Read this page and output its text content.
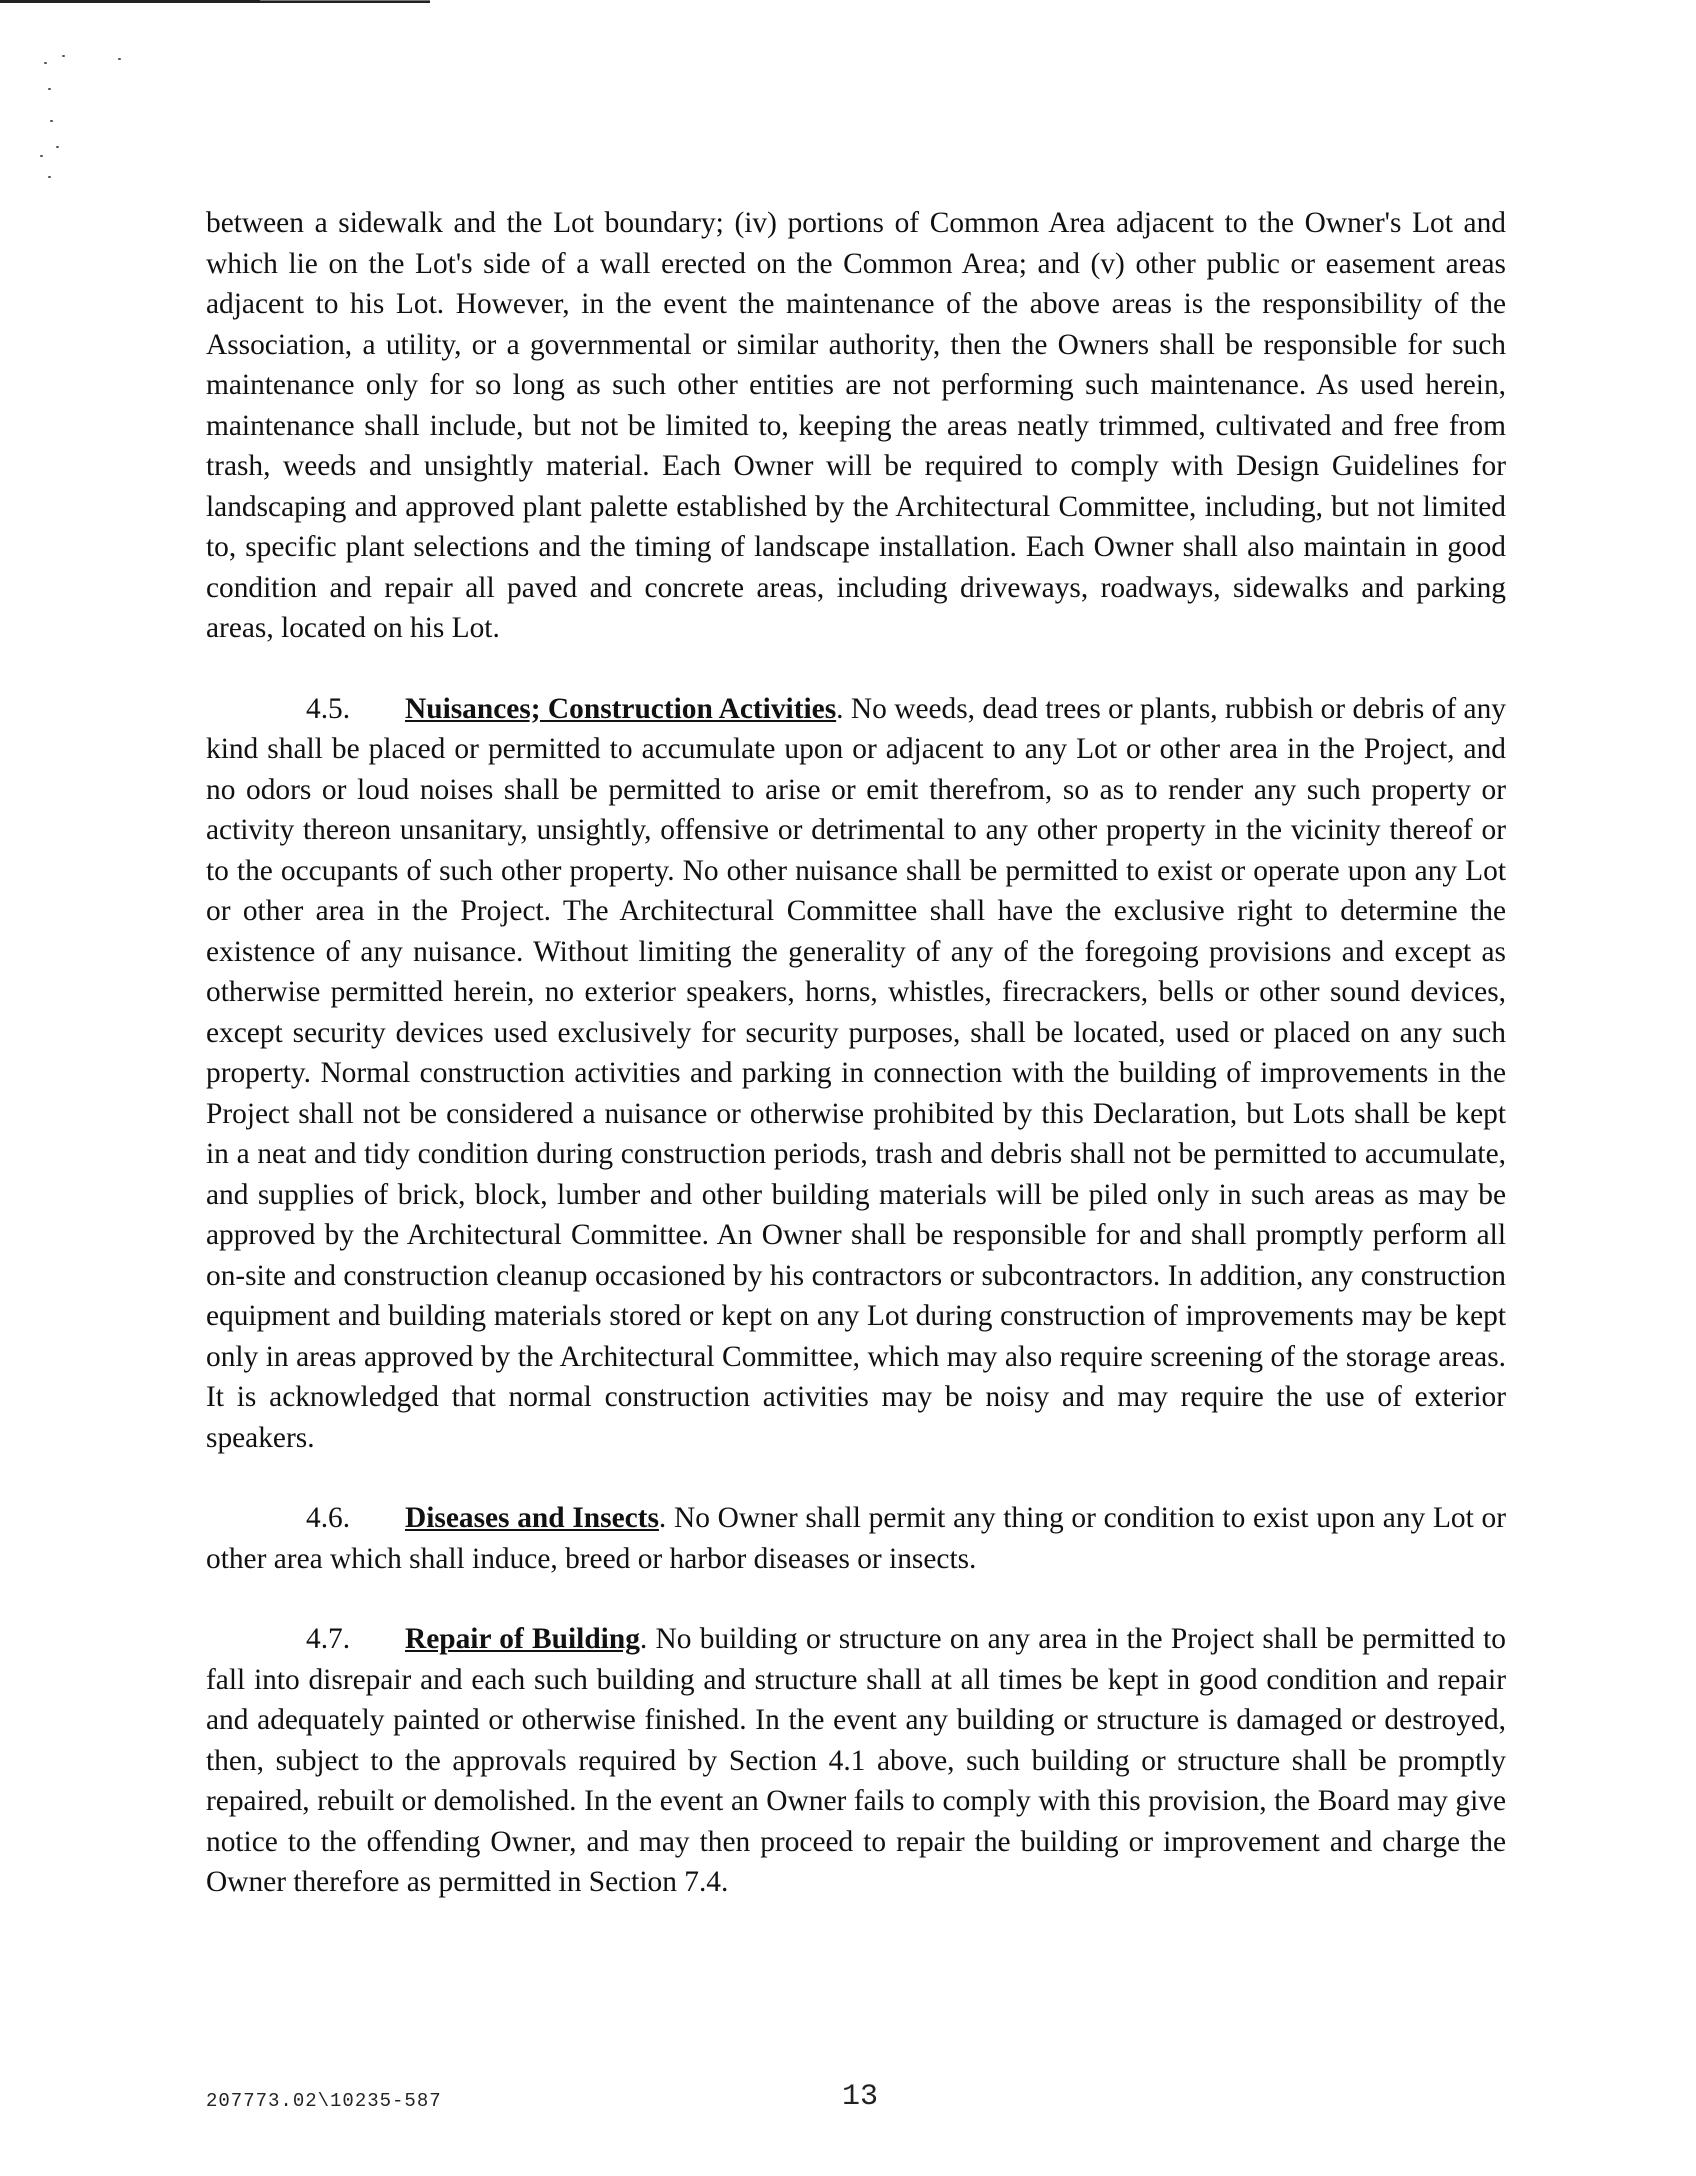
between a sidewalk and the Lot boundary; (iv) portions of Common Area adjacent to the Owner's Lot and which lie on the Lot's side of a wall erected on the Common Area; and (v) other public or easement areas adjacent to his Lot. However, in the event the maintenance of the above areas is the responsibility of the Association, a utility, or a governmental or similar authority, then the Owners shall be responsible for such maintenance only for so long as such other entities are not performing such maintenance. As used herein, maintenance shall include, but not be limited to, keeping the areas neatly trimmed, cultivated and free from trash, weeds and unsightly material. Each Owner will be required to comply with Design Guidelines for landscaping and approved plant palette established by the Architectural Committee, including, but not limited to, specific plant selections and the timing of landscape installation. Each Owner shall also maintain in good condition and repair all paved and concrete areas, including driveways, roadways, sidewalks and parking areas, located on his Lot.

4.5. Nuisances; Construction Activities. No weeds, dead trees or plants, rubbish or debris of any kind shall be placed or permitted to accumulate upon or adjacent to any Lot or other area in the Project, and no odors or loud noises shall be permitted to arise or emit therefrom, so as to render any such property or activity thereon unsanitary, unsightly, offensive or detrimental to any other property in the vicinity thereof or to the occupants of such other property. No other nuisance shall be permitted to exist or operate upon any Lot or other area in the Project. The Architectural Committee shall have the exclusive right to determine the existence of any nuisance. Without limiting the generality of any of the foregoing provisions and except as otherwise permitted herein, no exterior speakers, horns, whistles, firecrackers, bells or other sound devices, except security devices used exclusively for security purposes, shall be located, used or placed on any such property. Normal construction activities and parking in connection with the building of improvements in the Project shall not be considered a nuisance or otherwise prohibited by this Declaration, but Lots shall be kept in a neat and tidy condition during construction periods, trash and debris shall not be permitted to accumulate, and supplies of brick, block, lumber and other building materials will be piled only in such areas as may be approved by the Architectural Committee. An Owner shall be responsible for and shall promptly perform all on-site and construction cleanup occasioned by his contractors or subcontractors. In addition, any construction equipment and building materials stored or kept on any Lot during construction of improvements may be kept only in areas approved by the Architectural Committee, which may also require screening of the storage areas. It is acknowledged that normal construction activities may be noisy and may require the use of exterior speakers.

4.6. Diseases and Insects. No Owner shall permit any thing or condition to exist upon any Lot or other area which shall induce, breed or harbor diseases or insects.

4.7. Repair of Building. No building or structure on any area in the Project shall be permitted to fall into disrepair and each such building and structure shall at all times be kept in good condition and repair and adequately painted or otherwise finished. In the event any building or structure is damaged or destroyed, then, subject to the approvals required by Section 4.1 above, such building or structure shall be promptly repaired, rebuilt or demolished. In the event an Owner fails to comply with this provision, the Board may give notice to the offending Owner, and may then proceed to repair the building or improvement and charge the Owner therefore as permitted in Section 7.4.

207773.02\10235-587	13
